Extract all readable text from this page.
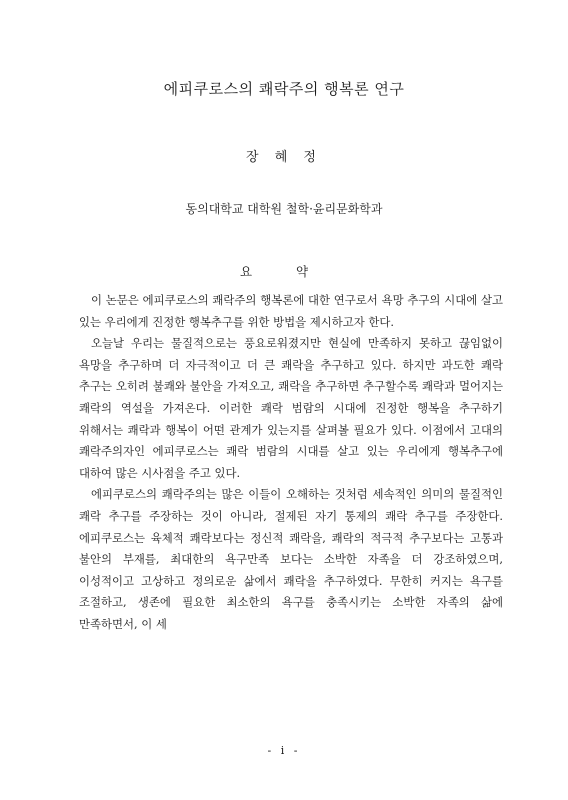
에피쿠로스의 쾌락주의 행복론 연구
장 혜 정
동의대학교 대학원 철학·윤리문화학과
요 약

이 논문은 에피쿠로스의 쾌락주의 행복론에 대한 연구로서 욕망 추구의 시대에 살고 있는 우리에게 진정한 행복추구를 위한 방법을 제시하고자 한다.

오늘날 우리는 물질적으로는 풍요로워졌지만 현실에 만족하지 못하고 끊임없이 욕망을 추구하며 더 자극적이고 더 큰 쾌락을 추구하고 있다. 하지만 과도한 쾌락 추구는 오히려 불쾌와 불안을 가져오고, 쾌락을 추구하면 추구할수록 쾌락과 멀어지는 쾌락의 역설을 가져온다. 이러한 쾌락 범람의 시대에 진정한 행복을 추구하기 위해서는 쾌락과 행복이 어떤 관계가 있는지를 살펴볼 필요가 있다. 이점에서 고대의 쾌락주의자인 에피쿠로스는 쾌락 범람의 시대를 살고 있는 우리에게 행복추구에 대하여 많은 시사점을 주고 있다.

에피쿠로스의 쾌락주의는 많은 이들이 오해하는 것처럼 세속적인 의미의 물질적인 쾌락 추구를 주장하는 것이 아니라, 절제된 자기 통제의 쾌락 추구를 주장한다. 에피쿠로스는 육체적 쾌락보다는 정신적 쾌락을, 쾌락의 적극적 추구보다는 고통과 불안의 부재를, 최대한의 욕구만족 보다는 소박한 자족을 더 강조하였으며, 이성적이고 고상하고 정의로운 삶에서 쾌락을 추구하였다. 무한히 커지는 욕구를 조절하고, 생존에 필요한 최소한의 욕구를 충족시키는 소박한 자족의 삶에 만족하면서, 이 세

- i -
